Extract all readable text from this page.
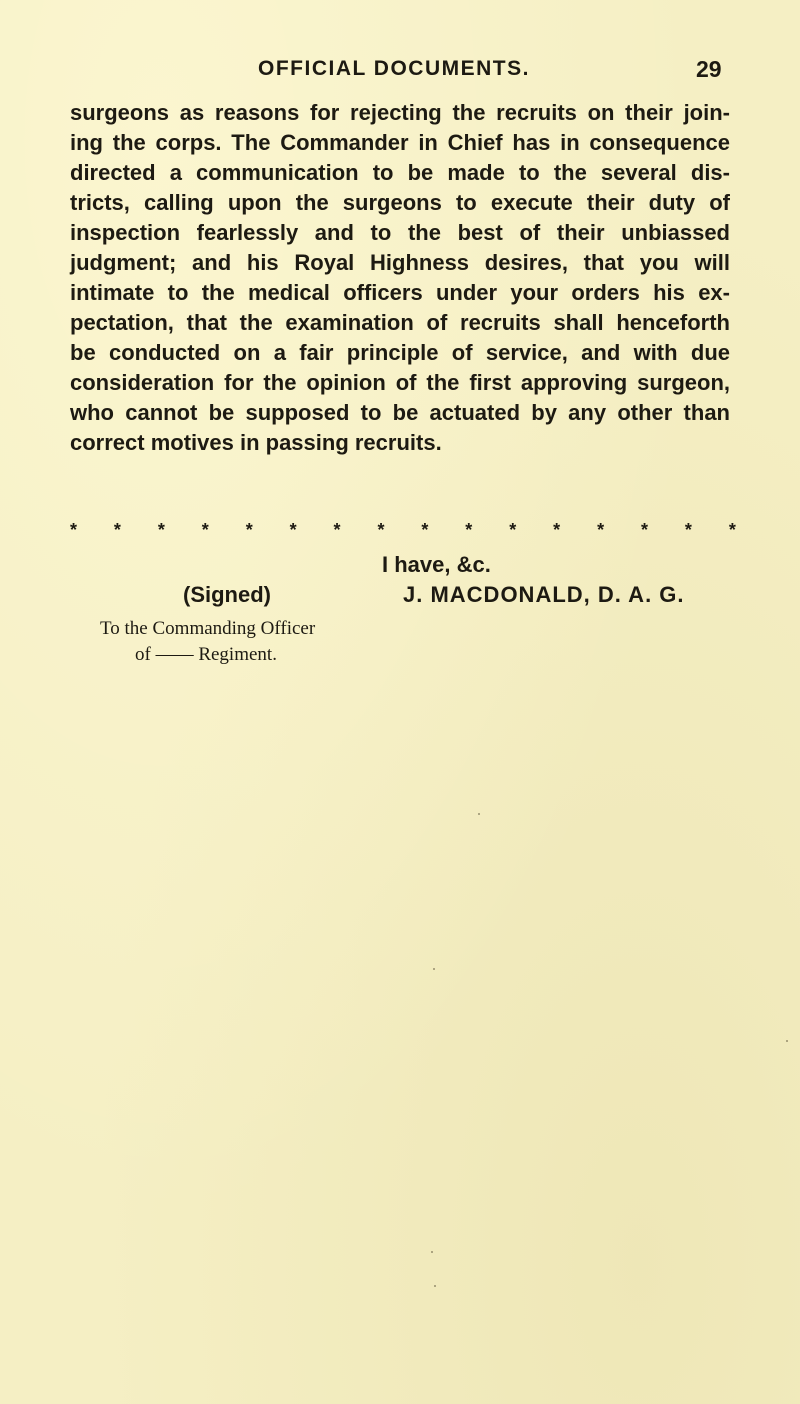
OFFICIAL DOCUMENTS.	29
surgeons as reasons for rejecting the recruits on their join-
ing the corps. The Commander in Chief has in consequence
directed a communication to be made to the several dis-
tricts, calling upon the surgeons to execute their duty of
inspection fearlessly and to the best of their unbiassed
judgment; and his Royal Highness desires, that you will
intimate to the medical officers under your orders his ex-
pectation, that the examination of recruits shall henceforth
be conducted on a fair principle of service, and with due
consideration for the opinion of the first approving surgeon,
who cannot be supposed to be actuated by any other than
correct motives in passing recruits.
* * * * * * * * * * * * * * * *
I have, &c.
(Signed)	J. MACDONALD, D. A. G.
To the Commanding Officer
of —— Regiment.
